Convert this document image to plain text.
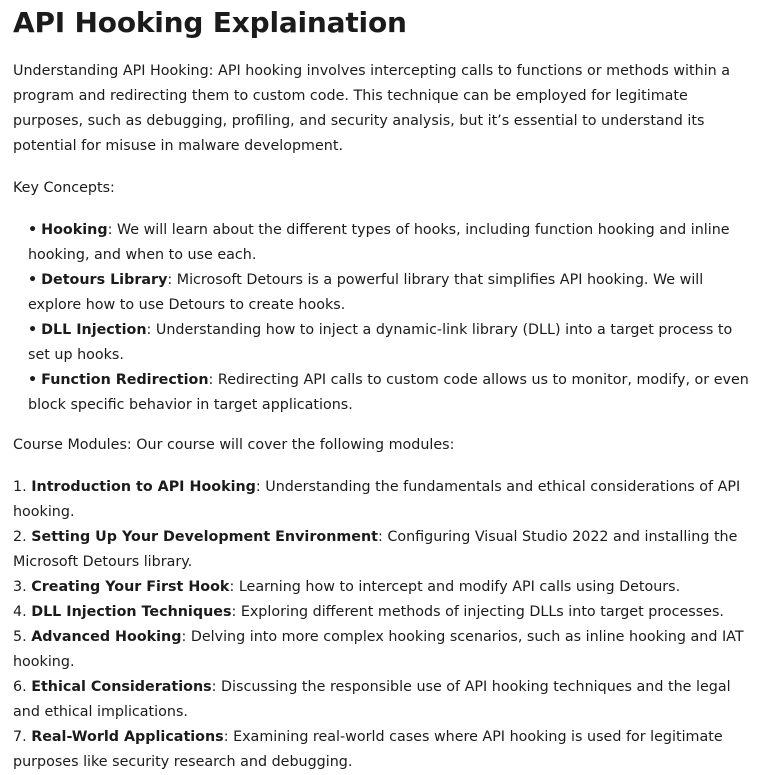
API Hooking Explaination

Understanding API Hooking: API hooking involves intercepting calls to functions or methods within a program and redirecting them to custom code. This technique can be employed for legitimate purposes, such as debugging, profiling, and security analysis, but it’s essential to understand its potential for misuse in malware development.

Key Concepts:

• Hooking: We will learn about the different types of hooks, including function hooking and inline hooking, and when to use each.
• Detours Library: Microsoft Detours is a powerful library that simplifies API hooking. We will explore how to use Detours to create hooks.
• DLL Injection: Understanding how to inject a dynamic-link library (DLL) into a target process to set up hooks.
• Function Redirection: Redirecting API calls to custom code allows us to monitor, modify, or even block specific behavior in target applications.

Course Modules: Our course will cover the following modules:

1. Introduction to API Hooking: Understanding the fundamentals and ethical considerations of API hooking.

2. Setting Up Your Development Environment: Configuring Visual Studio 2022 and installing the Microsoft Detours library.

3. Creating Your First Hook: Learning how to intercept and modify API calls using Detours.

4. DLL Injection Techniques: Exploring different methods of injecting DLLs into target processes.

5. Advanced Hooking: Delving into more complex hooking scenarios, such as inline hooking and IAT hooking.

6. Ethical Considerations: Discussing the responsible use of API hooking techniques and the legal and ethical implications.

7. Real-World Applications: Examining real-world cases where API hooking is used for legitimate purposes like security research and debugging.
